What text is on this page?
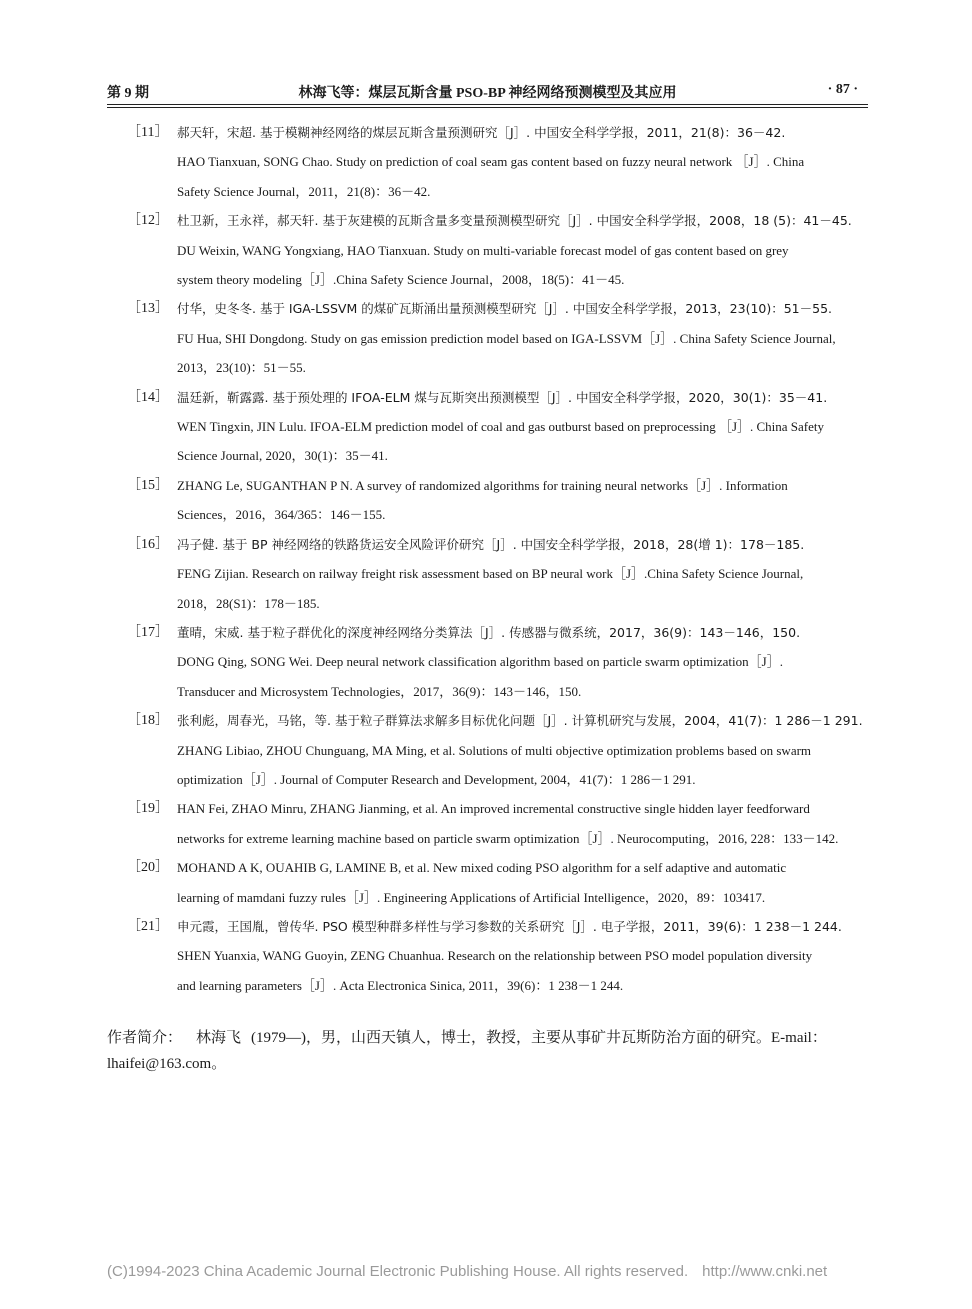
第 9 期	林海飞等：煤层瓦斯含量 PSO-BP 神经网络预测模型及其应用	· 87 ·
［11］ 郝天轩，宋超. 基于模糊神经网络的煤层瓦斯含量预测研究［J］. 中国安全科学学报，2011，21(8)：36－42.
HAO Tianxuan, SONG Chao. Study on prediction of coal seam gas content based on fuzzy neural network ［J］. China
Safety Science Journal，2011，21(8)：36－42.
［12］ 杜卫新，王永祥，郝天轩. 基于灰建模的瓦斯含量多变量预测模型研究［J］. 中国安全科学学报，2008，18 (5)：41－45.
DU Weixin, WANG Yongxiang, HAO Tianxuan. Study on multi-variable forecast model of gas content based on grey
system theory modeling［J］.China Safety Science Journal，2008，18(5)：41－45.
［13］ 付华，史冬冬. 基于 IGA-LSSVM 的煤矿瓦斯涌出量预测模型研究［J］. 中国安全科学学报，2013，23(10)：51－55.
FU Hua, SHI Dongdong. Study on gas emission prediction model based on IGA-LSSVM［J］. China Safety Science Journal,
2013，23(10)：51－55.
［14］ 温廷新，靳露露. 基于预处理的 IFOA-ELM 煤与瓦斯突出预测模型［J］. 中国安全科学学报，2020，30(1)：35－41.
WEN Tingxin, JIN Lulu. IFOA-ELM prediction model of coal and gas outburst based on preprocessing ［J］. China Safety
Science Journal, 2020，30(1)：35－41.
［15］ ZHANG Le, SUGANTHAN P N. A survey of randomized algorithms for training neural networks［J］. Information
Sciences，2016，364/365：146－155.
［16］ 冯子健. 基于 BP 神经网络的铁路货运安全风险评价研究［J］. 中国安全科学学报，2018，28(增 1)：178－185.
FENG Zijian. Research on railway freight risk assessment based on BP neural work［J］.China Safety Science Journal,
2018，28(S1)：178－185.
［17］ 董晴，宋威. 基于粒子群优化的深度神经网络分类算法［J］. 传感器与微系统，2017，36(9)：143－146，150.
DONG Qing, SONG Wei. Deep neural network classification algorithm based on particle swarm optimization［J］.
Transducer and Microsystem Technologies，2017，36(9)：143－146，150.
［18］ 张利彪，周春光，马铭，等. 基于粒子群算法求解多目标优化问题［J］. 计算机研究与发展，2004，41(7)：1 286－1 291.
ZHANG Libiao, ZHOU Chunguang, MA Ming, et al. Solutions of multi objective optimization problems based on swarm
optimization［J］. Journal of Computer Research and Development, 2004，41(7)：1 286－1 291.
［19］ HAN Fei, ZHAO Minru, ZHANG Jianming, et al. An improved incremental constructive single hidden layer feedforward
networks for extreme learning machine based on particle swarm optimization［J］. Neurocomputing，2016, 228：133－142.
［20］ MOHAND A K, OUAHIB G, LAMINE B, et al. New mixed coding PSO algorithm for a self adaptive and automatic
learning of mamdani fuzzy rules［J］. Engineering Applications of Artificial Intelligence，2020，89：103417.
［21］ 申元霞，王国胤，曾传华. PSO 模型种群多样性与学习参数的关系研究［J］. 电子学报，2011，39(6)：1 238－1 244.
SHEN Yuanxia, WANG Guoyin, ZENG Chuanhua. Research on the relationship between PSO model population diversity
and learning parameters［J］. Acta Electronica Sinica, 2011，39(6)：1 238－1 244.
作者简介： 林海飞 (1979—)，男，山西天镇人，博士，教授，主要从事矿井瓦斯防治方面的研究。E-mail：lhaifei@163.com。
(C)1994-2023 China Academic Journal Electronic Publishing House. All rights reserved. http://www.cnki.net
